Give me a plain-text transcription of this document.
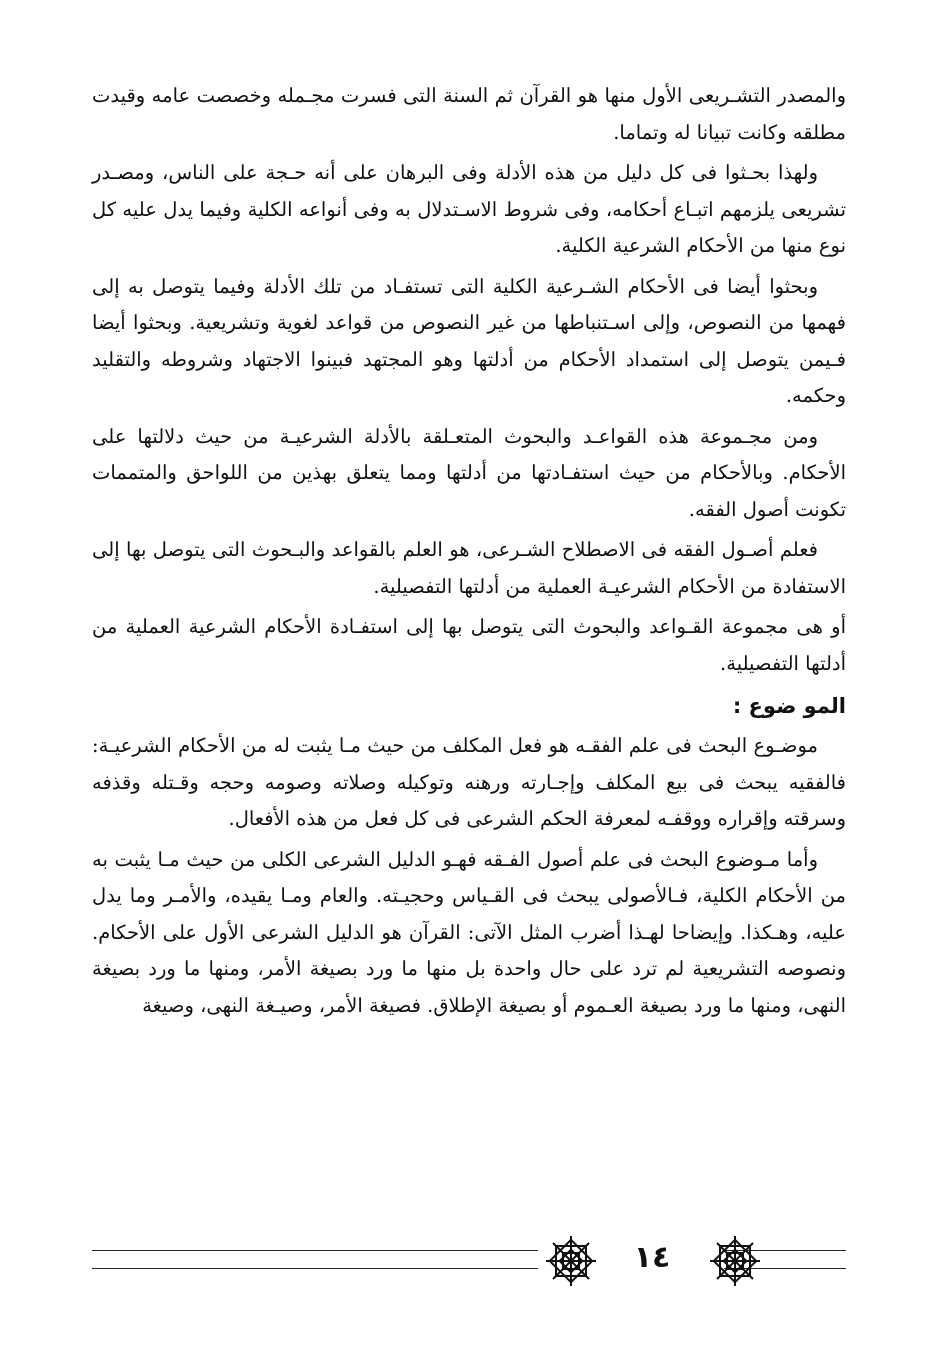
والمصدر التشـريعى الأول منها هو القرآن ثم السنة التى فسرت مجـمله وخصصت عامه وقيدت مطلقه وكانت تبيانا له وتماما.

ولهذا بحـثوا فى كل دليل من هذه الأدلة وفى البرهان على أنه حـجة على الناس، ومصـدر تشريعى يلزمهم اتبـاع أحكامه، وفى شروط الاسـتدلال به وفى أنواعه الكلية وفيما يدل عليه كل نوع منها من الأحكام الشرعية الكلية.

وبحثوا أيضا فى الأحكام الشـرعية الكلية التى تستفـاد من تلك الأدلة وفيما يتوصل به إلى فهمها من النصوص، وإلى اسـتنباطها من غير النصوص من قواعد لغوية وتشريعية. وبحثوا أيضا فـيمن يتوصل إلى استمداد الأحكام من أدلتها وهو المجتهد فبينوا الاجتهاد وشروطه والتقليد وحكمه.

ومن مجـموعة هذه القواعـد والبحوث المتعـلقة بالأدلة الشرعيـة من حيث دلالتها على الأحكام. وبالأحكام من حيث استفـادتها من أدلتها ومما يتعلق بهذين من اللواحق والمتممات تكونت أصول الفقه.

فعلم أصـول الفقه فى الاصطلاح الشـرعى، هو العلم بالقواعد والبـحوث التى يتوصل بها إلى الاستفادة من الأحكام الشرعيـة العملية من أدلتها التفصيلية.

أو هى مجموعة القـواعد والبحوث التى يتوصل بها إلى استفـادة الأحكام الشرعية العملية من أدلتها التفصيلية.

المو ضوع :

موضـوع البحث فى علم الفقـه هو فعل المكلف من حيث مـا يثبت له من الأحكام الشرعيـة: فالفقيه يبحث فى بيع المكلف وإجـارته ورهنه وتوكيله وصلاته وصومه وحجه وقـتله وقذفه وسرقته وإقراره ووقفـه لمعرفة الحكم الشرعى فى كل فعل من هذه الأفعال.

وأما مـوضوع البحث فى علم أصول الفـقه فهـو الدليل الشرعى الكلى من حيث مـا يثبت به من الأحكام الكلية، فـالأصولى يبحث فى القـياس وحجيـته. والعام ومـا يقيده، والأمـر وما يدل عليه، وهـكذا. وإيضاحا لهـذا أضرب المثل الآتى: القرآن هو الدليل الشرعى الأول على الأحكام. ونصوصه التشريعية لم ترد على حال واحدة بل منها ما ورد بصيغة الأمر، ومنها ما ورد بصيغة النهى، ومنها ما ورد بصيغة العـموم أو بصيغة الإطلاق. فصيغة الأمر، وصيـغة النهى، وصيغة

١٤
